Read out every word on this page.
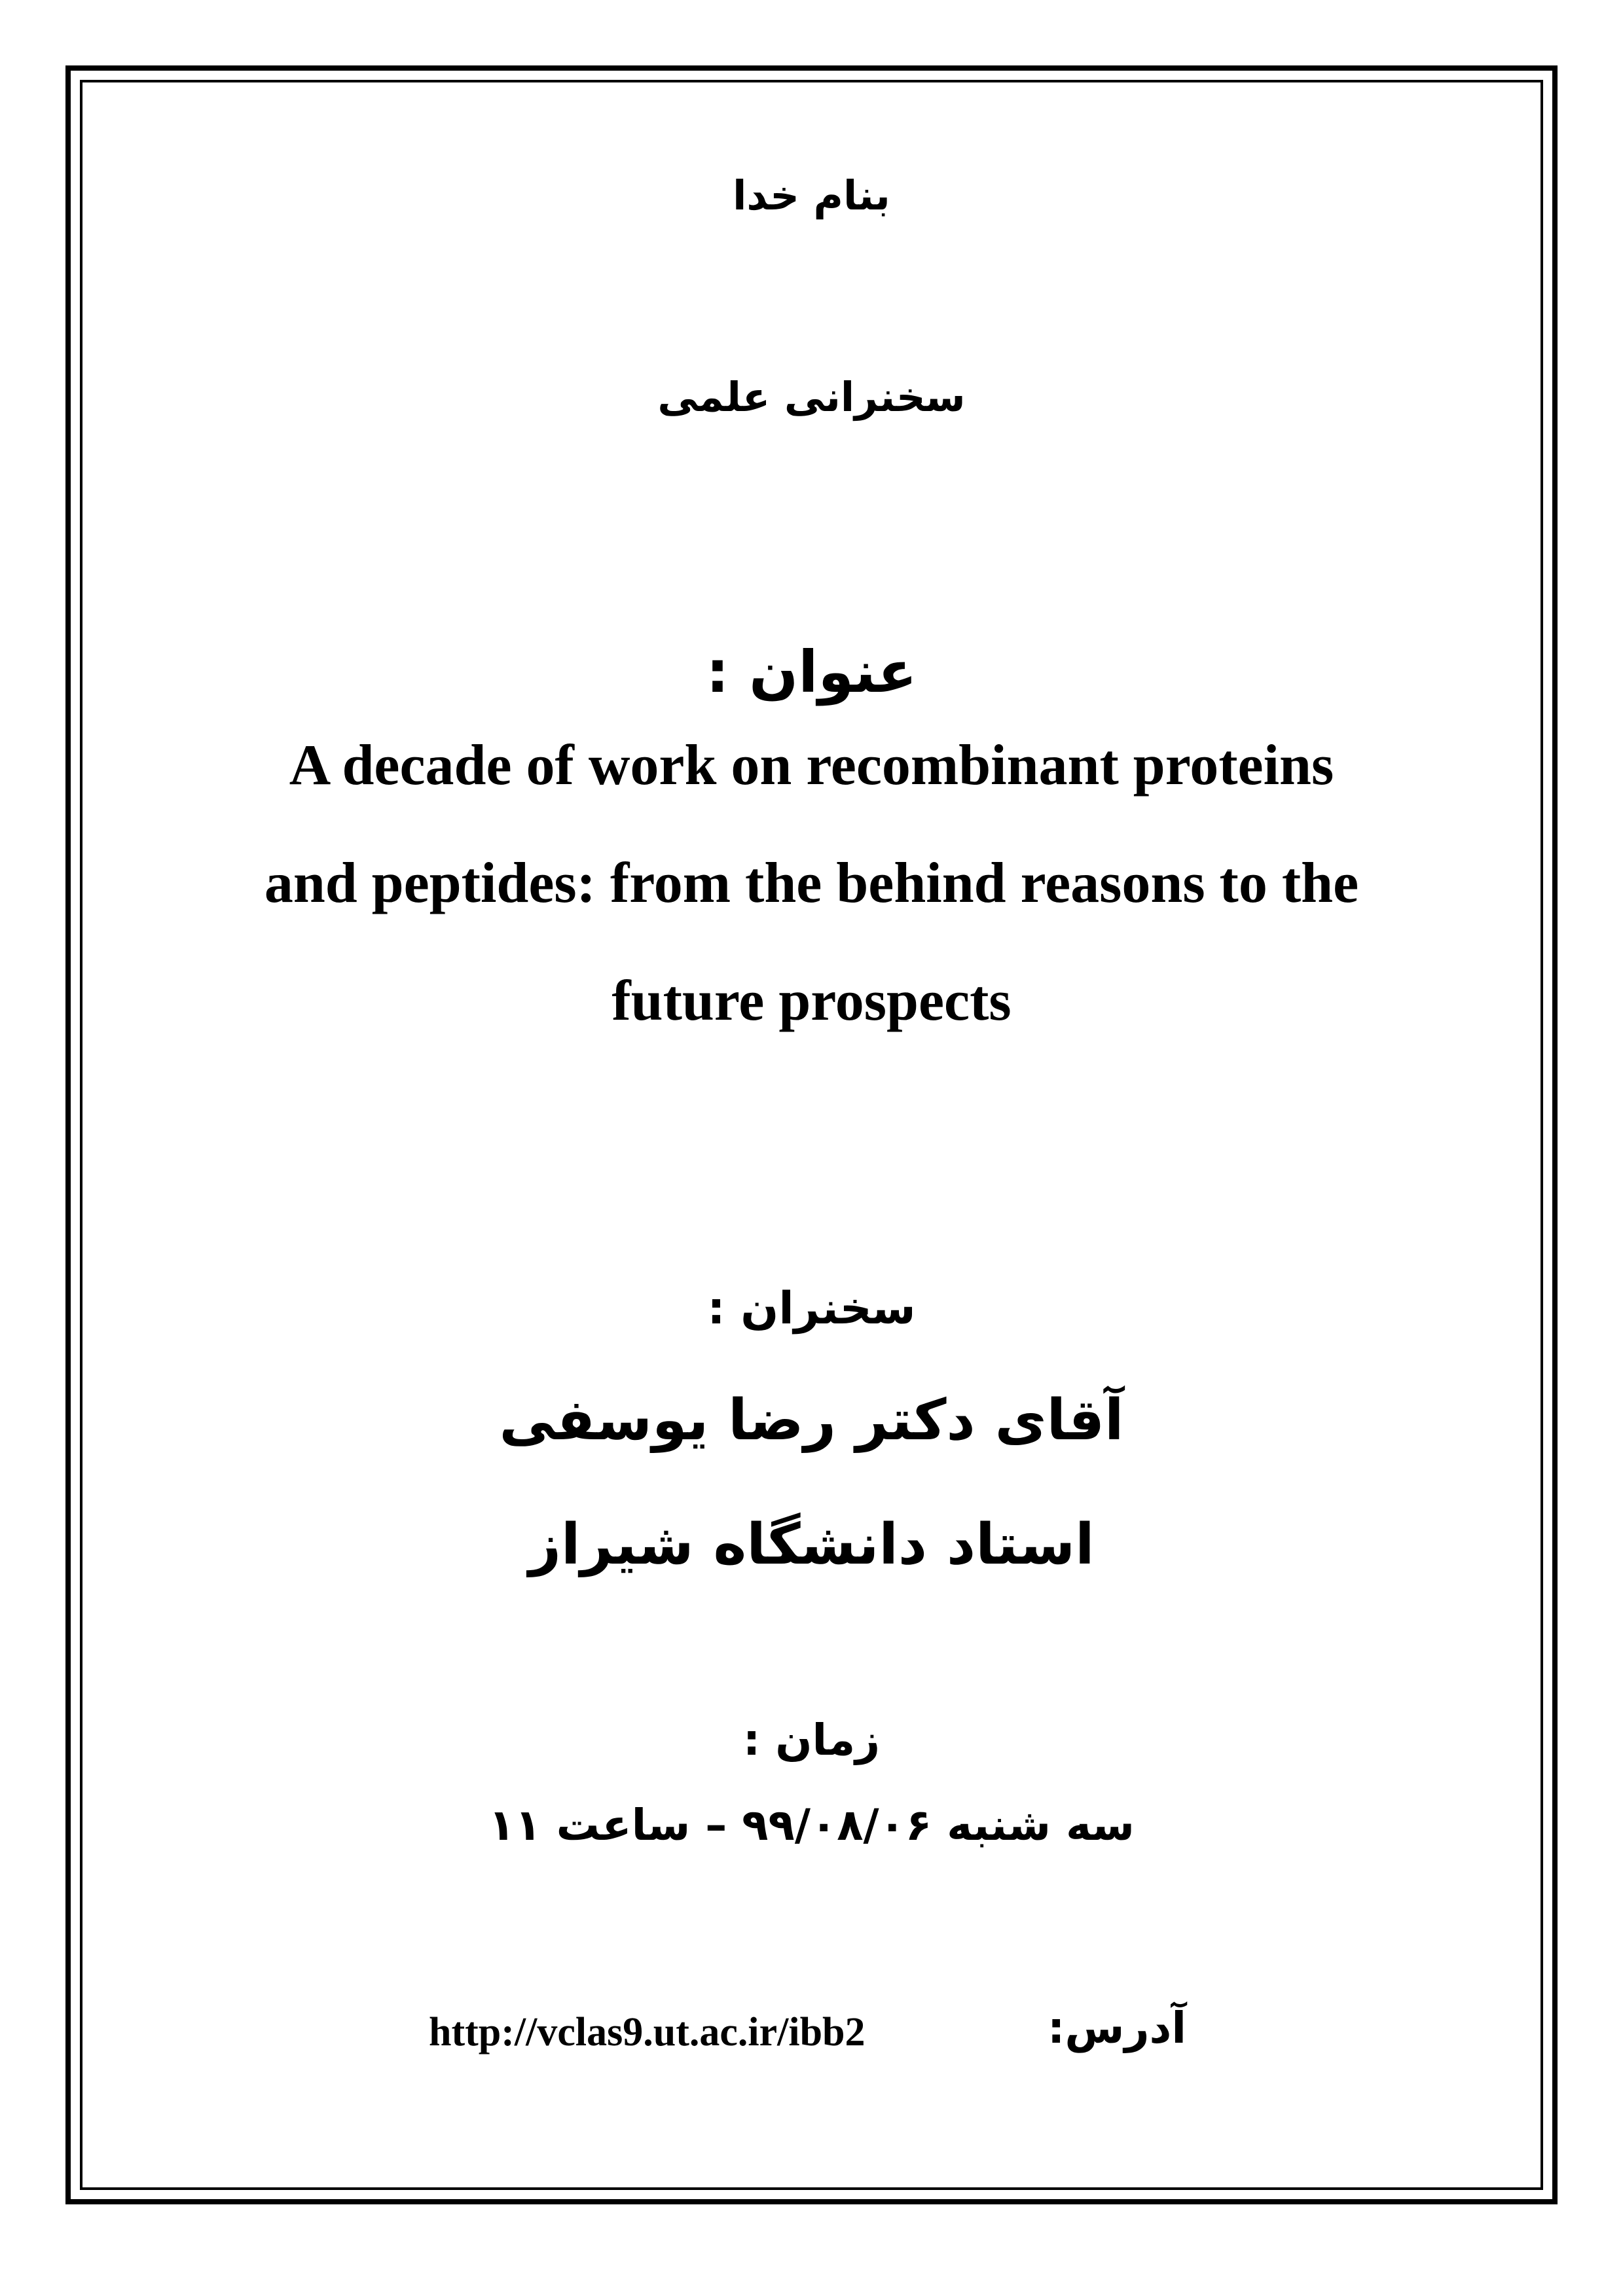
بنام خدا
سخنرانی علمی
عنوان :
A decade of work on recombinant proteins
and peptides: from the behind reasons to the
future prospects
سخنران :
آقای دکتر رضا یوسفی
استاد دانشگاه شیراز
زمان :
سه شنبه ۹۹/۰۸/۰۶ – ساعت ۱۱
http://vclas9.ut.ac.ir/ibb2	آدرس:
